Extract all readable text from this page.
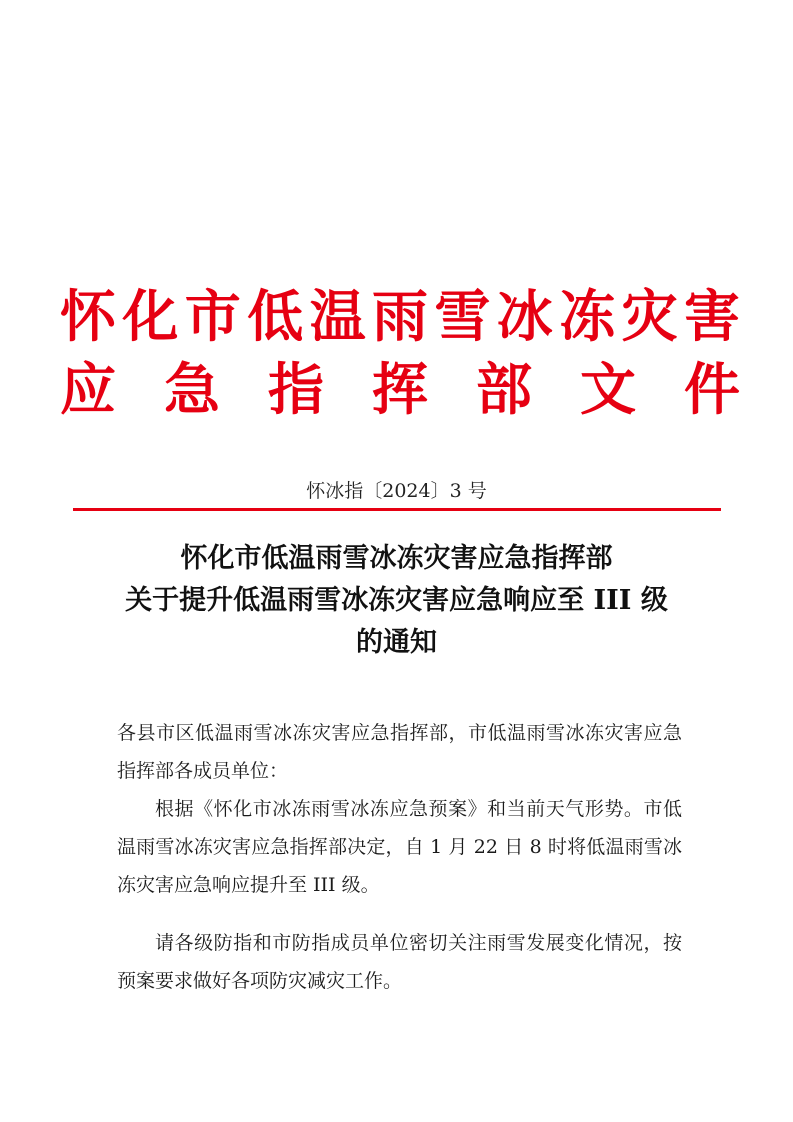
怀化市低温雨雪冰冻灾害
应急指挥部文件
怀冰指〔2024〕3 号
怀化市低温雨雪冰冻灾害应急指挥部
关于提升低温雨雪冰冻灾害应急响应至 III 级
的通知

各县市区低温雨雪冰冻灾害应急指挥部，市低温雨雪冰冻灾害应急指挥部各成员单位：

根据《怀化市冰冻雨雪冰冻应急预案》和当前天气形势。市低温雨雪冰冻灾害应急指挥部决定，自 1 月 22 日 8 时将低温雨雪冰冻灾害应急响应提升至 III 级。

请各级防指和市防指成员单位密切关注雨雪发展变化情况，按预案要求做好各项防灾减灾工作。
